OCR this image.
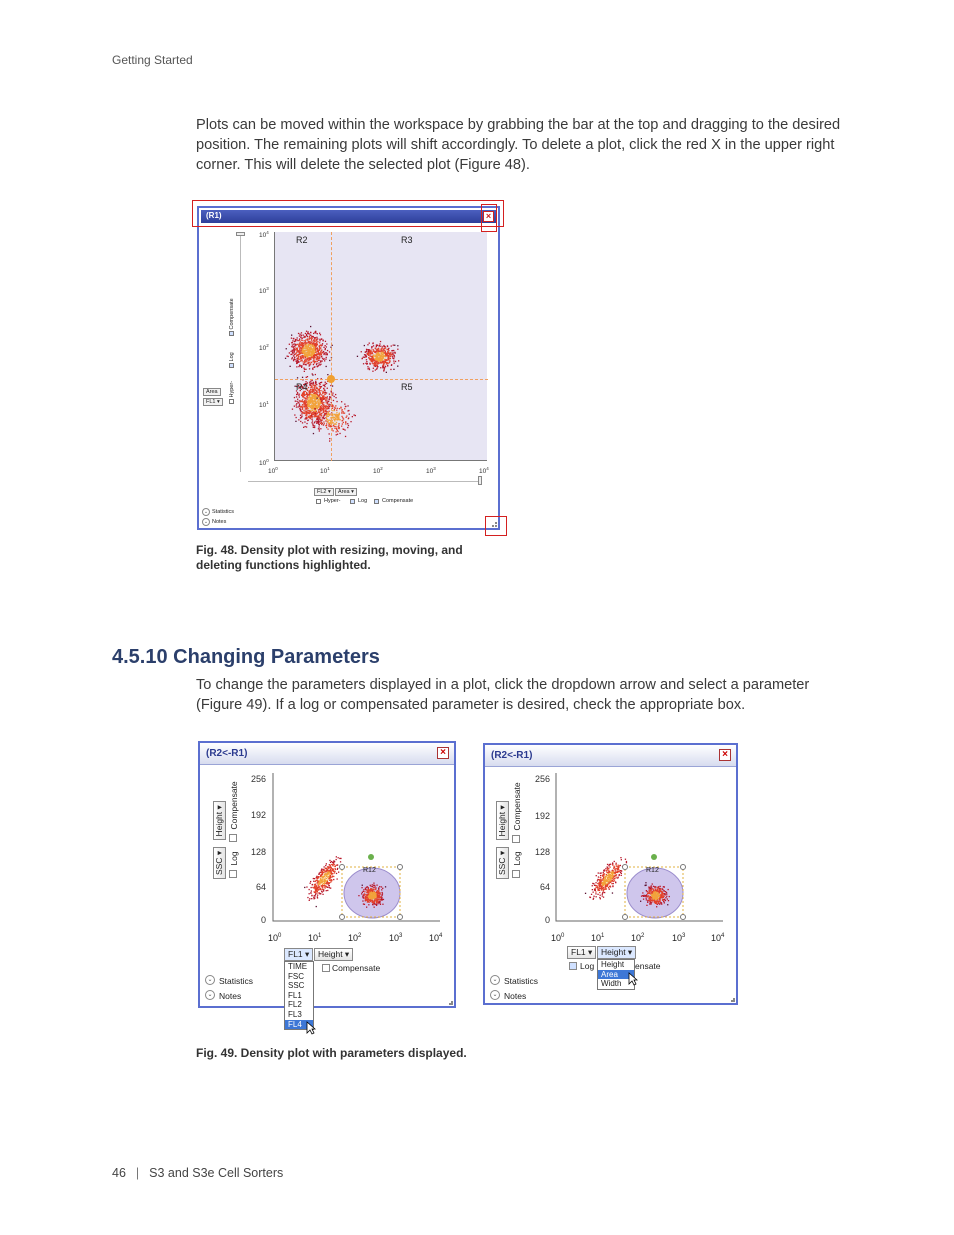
Getting Started
Plots can be moved within the workspace by grabbing the bar at the top and dragging to the desired position. The remaining plots will shift accordingly. To delete a plot, click the red X in the upper right corner. This will delete the selected plot (Figure 48).
(R1)	×
Compensate
Log
Hyper-
Area
FL1 ▾
$10^4$
$10^3$
$10^2$
$10^1$
$10^0$
R2	R3
R4	R5
$10^0$	$10^1$	$10^2$	$10^3$	$10^4$
FL2 ▾	Area ▾
Hyper-	Log	Compensate
⌄ Statistics
⌄ Notes
Fig. 48. Density plot with resizing, moving, and
deleting functions highlighted.
4.5.10 Changing Parameters
To change the parameters displayed in a plot, click the dropdown arrow and select a parameter (Figure 49). If a log or compensated parameter is desired, check the appropriate box.
(R2<-R1)	×
SSC ▾ Height ▾
Log
Compensate
256
192
128
64
0
R12
$10^0$	$10^1$	$10^2$	$10^3$	$10^4$
FL1 ▾	Height ▾
Compensate
TIME
FSC
SSC
FL1
FL2
FL3
FL4
⌄ Statistics
⌄ Notes
(R2<-R1)	×
SSC ▾ Height ▾
Log
Compensate
256
192
128
64
0
R12
$10^0$	$10^1$	$10^2$	$10^3$	$10^4$
FL1 ▾	Height ▾
Log	ensate
Height
Area
Width
⌄ Statistics
⌄ Notes
Fig. 49. Density plot with parameters displayed.
46 | S3 and S3e Cell Sorters
